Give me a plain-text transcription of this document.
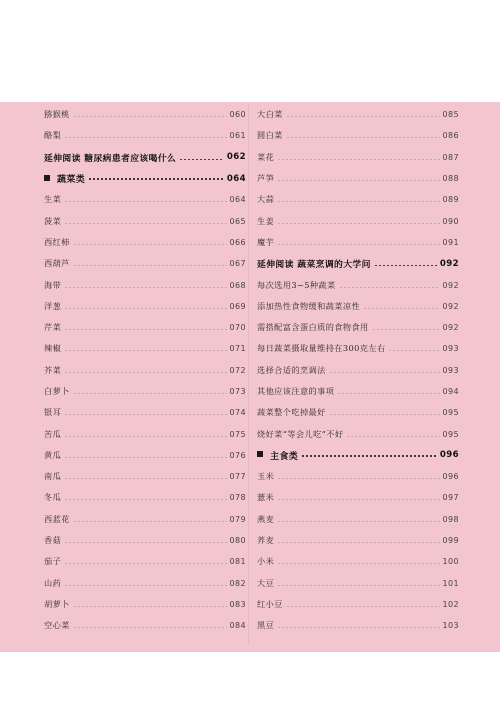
猕猴桃	060
酪梨	061
延伸阅读 糖尿病患者应该喝什么	062
蔬菜类	064
生菜	064
菠菜	065
西红柿	066
西葫芦	067
海带	068
洋葱	069
芹菜	070
辣椒	071
芥菜	072
白萝卜	073
银耳	074
苦瓜	075
黄瓜	076
南瓜	077
冬瓜	078
西蓝花	079
香菇	080
茄子	081
山药	082
胡萝卜	083
空心菜	084
大白菜	085
圆白菜	086
菜花	087
芦笋	088
大蒜	089
生姜	090
魔芋	091
延伸阅读 蔬菜烹调的大学问	092
每次选用3~5种蔬菜	092
添加热性食物缓和蔬菜凉性	092
需搭配富含蛋白质的食物食用	092
每日蔬菜摄取量维持在300克左右	093
选择合适的烹调法	093
其他应该注意的事项	094
蔬菜整个吃掉最好	095
烧好菜“等会儿吃”不好	095
主食类	096
玉米	096
薏米	097
燕麦	098
荞麦	099
小米	100
大豆	101
红小豆	102
黑豆	103
